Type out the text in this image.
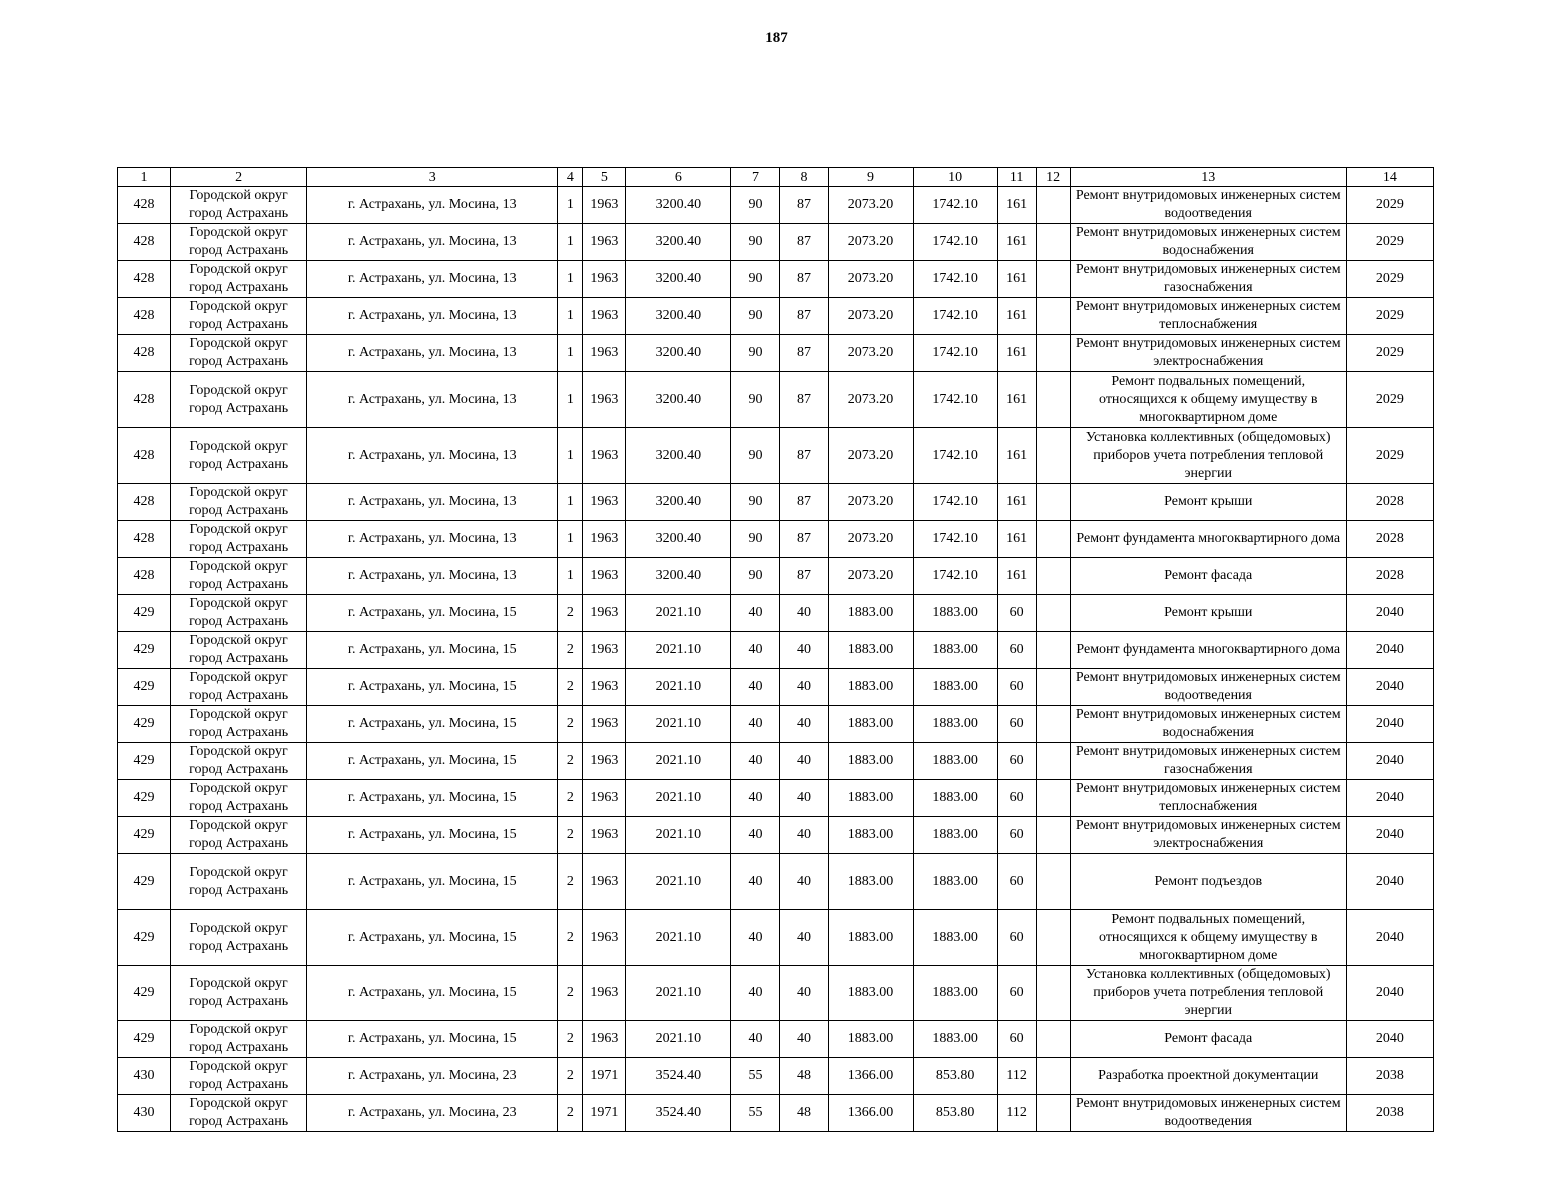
187
1	2	3	4	5	6	7	8	9	10	11	12	13	14
428	Городской округ город Астрахань	г. Астрахань, ул. Мосина, 13	1	1963	3200.40	90	87	2073.20	1742.10	161		Ремонт внутридомовых инженерных систем водоотведения	2029
428	Городской округ город Астрахань	г. Астрахань, ул. Мосина, 13	1	1963	3200.40	90	87	2073.20	1742.10	161		Ремонт внутридомовых инженерных систем водоснабжения	2029
428	Городской округ город Астрахань	г. Астрахань, ул. Мосина, 13	1	1963	3200.40	90	87	2073.20	1742.10	161		Ремонт внутридомовых инженерных систем газоснабжения	2029
428	Городской округ город Астрахань	г. Астрахань, ул. Мосина, 13	1	1963	3200.40	90	87	2073.20	1742.10	161		Ремонт внутридомовых инженерных систем теплоснабжения	2029
428	Городской округ город Астрахань	г. Астрахань, ул. Мосина, 13	1	1963	3200.40	90	87	2073.20	1742.10	161		Ремонт внутридомовых инженерных систем электроснабжения	2029
428	Городской округ город Астрахань	г. Астрахань, ул. Мосина, 13	1	1963	3200.40	90	87	2073.20	1742.10	161		Ремонт подвальных помещений, относящихся к общему имуществу в многоквартирном доме	2029
428	Городской округ город Астрахань	г. Астрахань, ул. Мосина, 13	1	1963	3200.40	90	87	2073.20	1742.10	161		Установка коллективных (общедомовых) приборов учета потребления тепловой энергии	2029
428	Городской округ город Астрахань	г. Астрахань, ул. Мосина, 13	1	1963	3200.40	90	87	2073.20	1742.10	161		Ремонт крыши	2028
428	Городской округ город Астрахань	г. Астрахань, ул. Мосина, 13	1	1963	3200.40	90	87	2073.20	1742.10	161		Ремонт фундамента многоквартирного дома	2028
428	Городской округ город Астрахань	г. Астрахань, ул. Мосина, 13	1	1963	3200.40	90	87	2073.20	1742.10	161		Ремонт фасада	2028
429	Городской округ город Астрахань	г. Астрахань, ул. Мосина, 15	2	1963	2021.10	40	40	1883.00	1883.00	60		Ремонт крыши	2040
429	Городской округ город Астрахань	г. Астрахань, ул. Мосина, 15	2	1963	2021.10	40	40	1883.00	1883.00	60		Ремонт фундамента многоквартирного дома	2040
429	Городской округ город Астрахань	г. Астрахань, ул. Мосина, 15	2	1963	2021.10	40	40	1883.00	1883.00	60		Ремонт внутридомовых инженерных систем водоотведения	2040
429	Городской округ город Астрахань	г. Астрахань, ул. Мосина, 15	2	1963	2021.10	40	40	1883.00	1883.00	60		Ремонт внутридомовых инженерных систем водоснабжения	2040
429	Городской округ город Астрахань	г. Астрахань, ул. Мосина, 15	2	1963	2021.10	40	40	1883.00	1883.00	60		Ремонт внутридомовых инженерных систем газоснабжения	2040
429	Городской округ город Астрахань	г. Астрахань, ул. Мосина, 15	2	1963	2021.10	40	40	1883.00	1883.00	60		Ремонт внутридомовых инженерных систем теплоснабжения	2040
429	Городской округ город Астрахань	г. Астрахань, ул. Мосина, 15	2	1963	2021.10	40	40	1883.00	1883.00	60		Ремонт внутридомовых инженерных систем электроснабжения	2040
429	Городской округ город Астрахань	г. Астрахань, ул. Мосина, 15	2	1963	2021.10	40	40	1883.00	1883.00	60		Ремонт подъездов	2040
429	Городской округ город Астрахань	г. Астрахань, ул. Мосина, 15	2	1963	2021.10	40	40	1883.00	1883.00	60		Ремонт подвальных помещений, относящихся к общему имуществу в многоквартирном доме	2040
429	Городской округ город Астрахань	г. Астрахань, ул. Мосина, 15	2	1963	2021.10	40	40	1883.00	1883.00	60		Установка коллективных (общедомовых) приборов учета потребления тепловой энергии	2040
429	Городской округ город Астрахань	г. Астрахань, ул. Мосина, 15	2	1963	2021.10	40	40	1883.00	1883.00	60		Ремонт фасада	2040
430	Городской округ город Астрахань	г. Астрахань, ул. Мосина, 23	2	1971	3524.40	55	48	1366.00	853.80	112		Разработка проектной документации	2038
430	Городской округ город Астрахань	г. Астрахань, ул. Мосина, 23	2	1971	3524.40	55	48	1366.00	853.80	112		Ремонт внутридомовых инженерных систем водоотведения	2038
